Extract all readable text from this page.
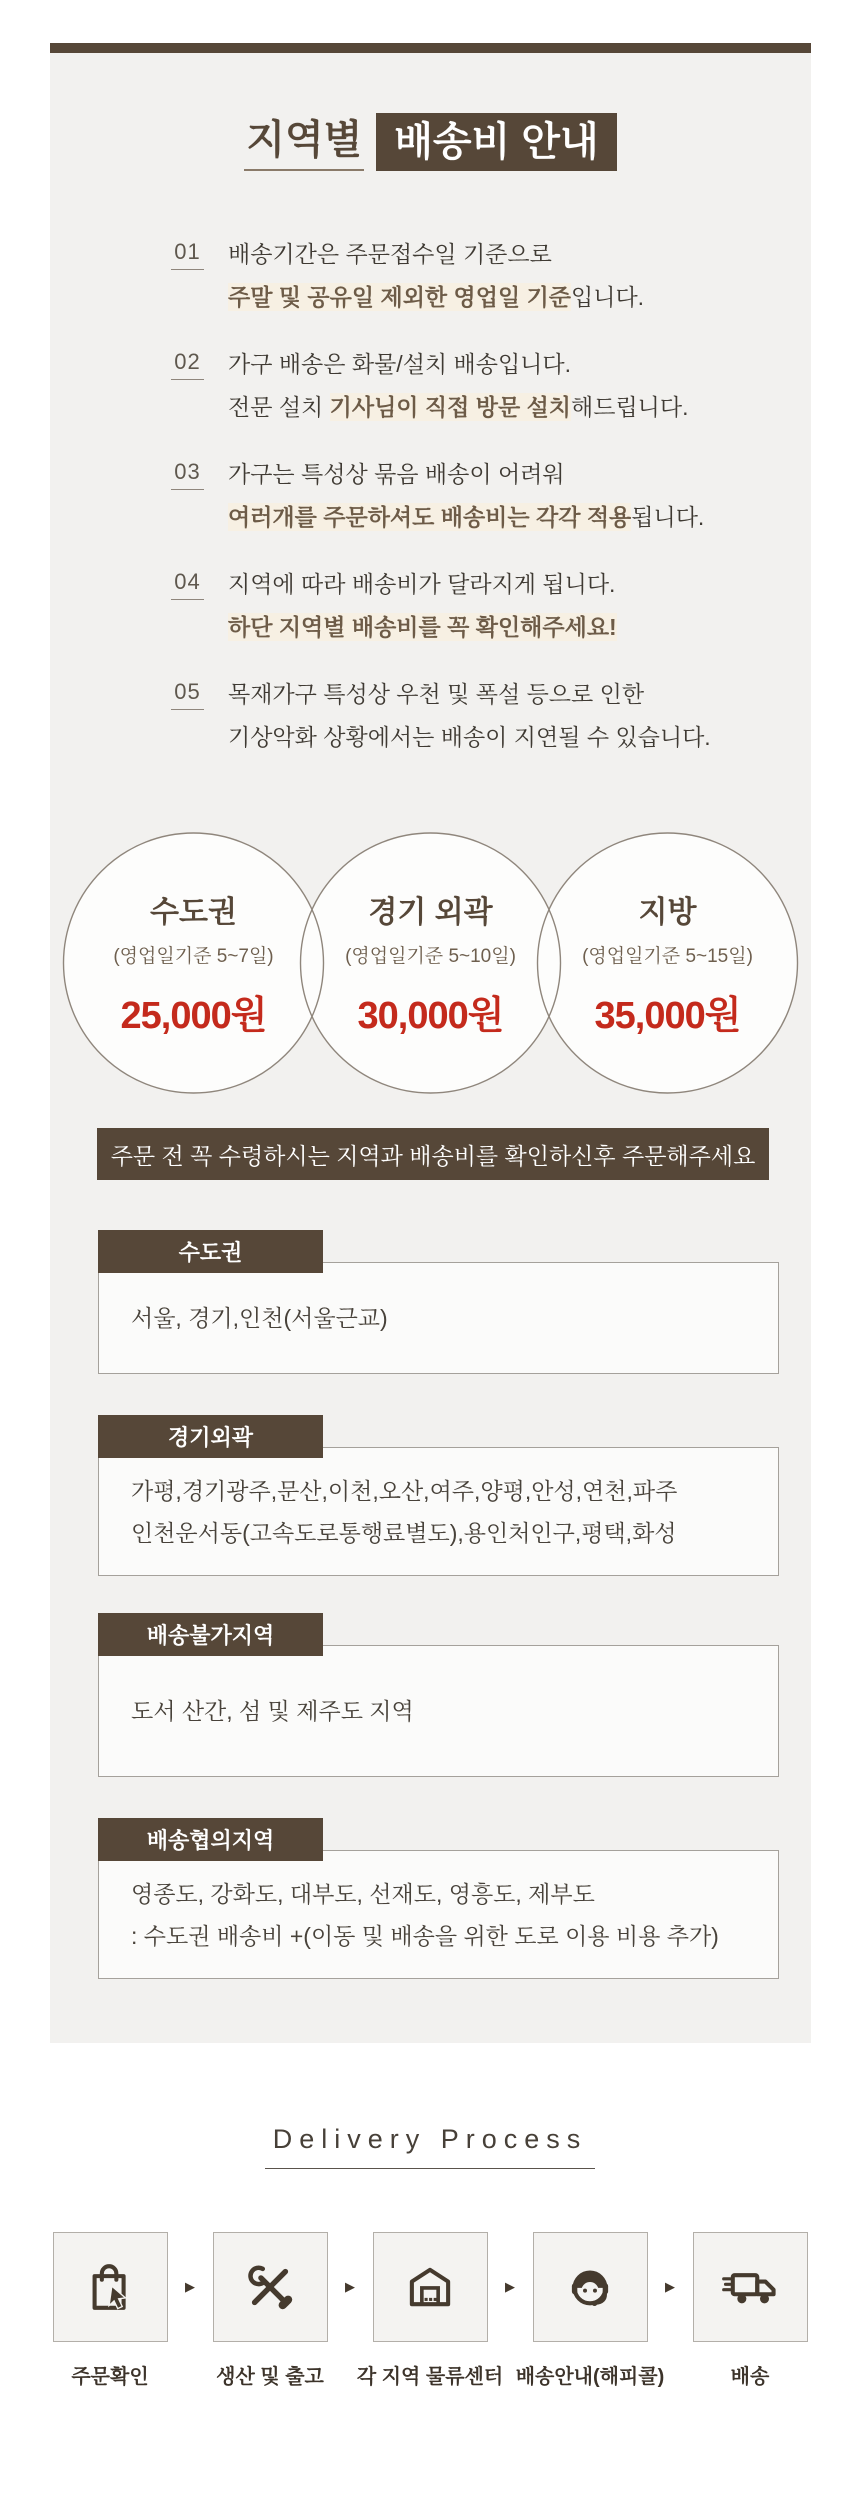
지역별 배송비 안내
01 배송기간은 주문접수일 기준으로

주말 및 공유일 제외한 영업일 기준입니다.

02 가구 배송은 화물/설치 배송입니다.

전문 설치 기사님이 직접 방문 설치해드립니다.

03 가구는 특성상 묶음 배송이 어려워

여러개를 주문하셔도 배송비는 각각 적용됩니다.

04 지역에 따라 배송비가 달라지게 됩니다.

하단 지역별 배송비를 꼭 확인해주세요!

05 목재가구 특성상 우천 및 폭설 등으로 인한

기상악화 상황에서는 배송이 지연될 수 있습니다.

수도권
(영업일기준 5~7일)
25,000원
경기 외곽
(영업일기준 5~10일)
30,000원
지방
(영업일기준 5~15일)
35,000원
주문 전 꼭 수령하시는 지역과 배송비를 확인하신후 주문해주세요
수도권

서울, 경기,인천(서울근교)

경기외곽

가평,경기광주,문산,이천,오산,여주,양평,안성,연천,파주

인천운서동(고속도로통행료별도),용인처인구,평택,화성

배송불가지역

도서 산간, 섬 및 제주도 지역

배송협의지역

영종도, 강화도, 대부도, 선재도, 영흥도, 제부도

: 수도권 배송비 +(이동 및 배송을 위한 도로 이용 비용 추가)

Delivery Process
주문확인
▶
생산 및 출고
▶
각 지역 물류센터
▶
배송안내(해피콜)
▶
배송
